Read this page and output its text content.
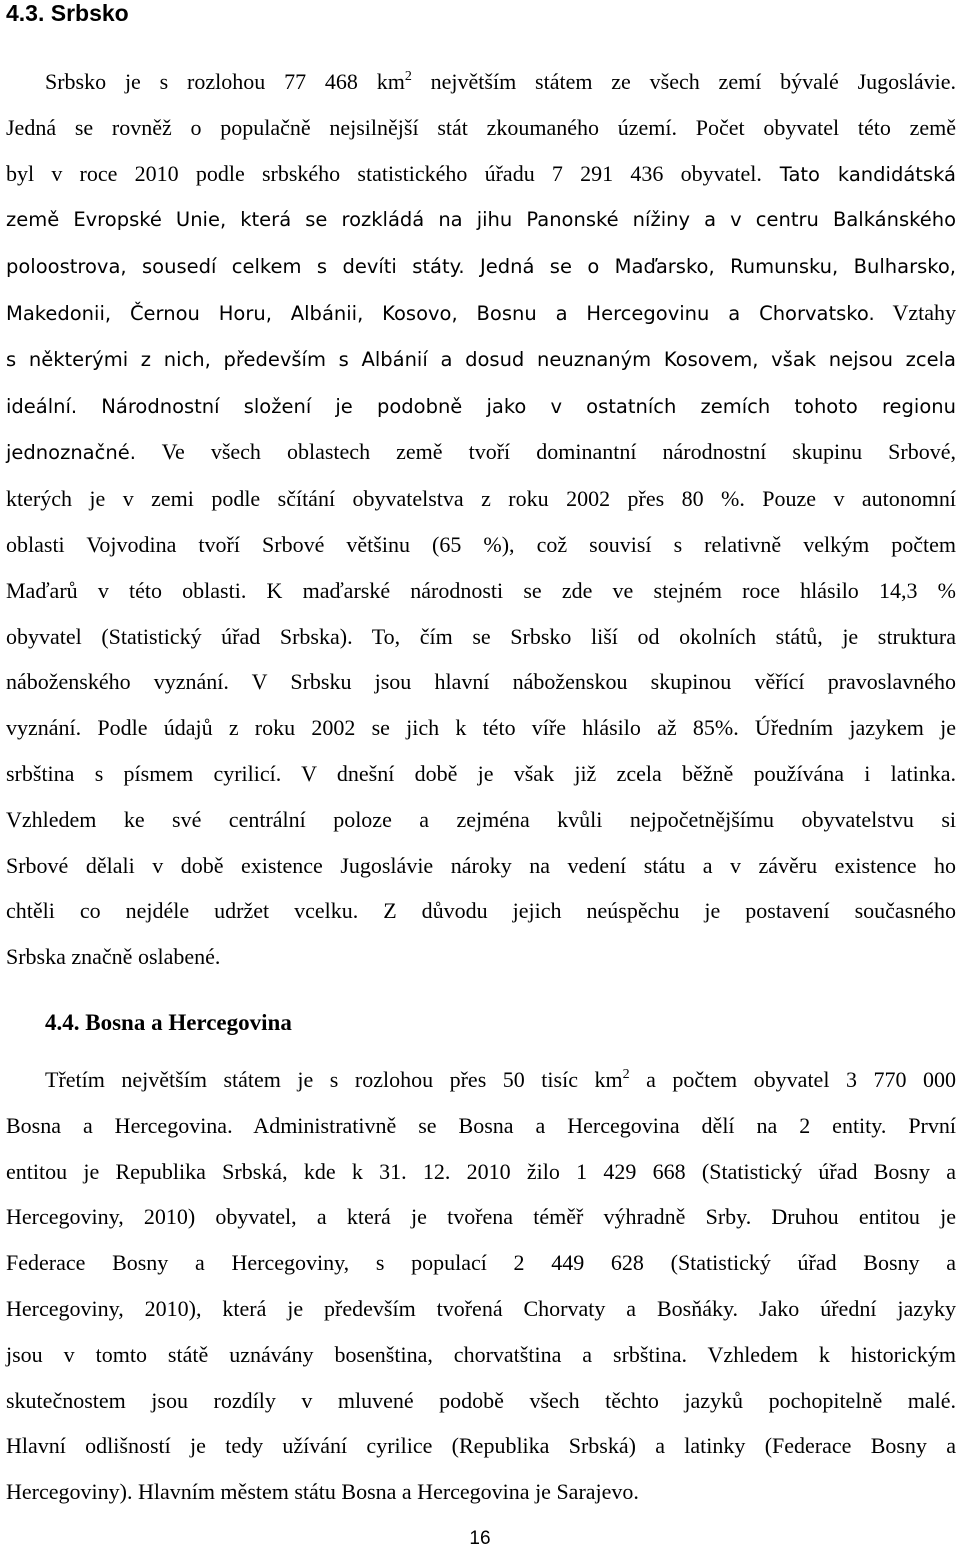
4.3. Srbsko
Srbsko je s rozlohou 77 468 $km^2$ největším státem ze všech zemí bývalé Jugoslávie.
Jedná se rovněž o populačně nejsilnější stát zkoumaného území. Počet obyvatel této země
byl v roce 2010 podle srbského statistického úřadu 7 291 436 obyvatel. Tato kandidátská
země Evropské Unie, která se rozkládá na jihu Panonské nížiny a v centru Balkánského
poloostrova, sousedí celkem s devíti státy. Jedná se o Maďarsko, Rumunsku, Bulharsko,
Makedonii, Černou Horu, Albánii, Kosovo, Bosnu a Hercegovinu a Chorvatsko. Vztahy
s některými z nich, především s Albánií a dosud neuznaným Kosovem, však nejsou zcela
ideální. Národnostní složení je podobně jako v ostatních zemích tohoto regionu
jednoznačné. Ve všech oblastech země tvoří dominantní národnostní skupinu Srbové,
kterých je v zemi podle sčítání obyvatelstva z roku 2002 přes 80 %. Pouze v autonomní
oblasti Vojvodina tvoří Srbové většinu (65 %), což souvisí s relativně velkým počtem
Maďarů v této oblasti. K maďarské národnosti se zde ve stejném roce hlásilo 14,3 %
obyvatel (Statistický úřad Srbska). To, čím se Srbsko liší od okolních států, je struktura
náboženského vyznání. V Srbsku jsou hlavní náboženskou skupinou věřící pravoslavného
vyznání. Podle údajů z roku 2002 se jich k této víře hlásilo až 85%. Úředním jazykem je
srbština s písmem cyrilicí. V dnešní době je však již zcela běžně používána i latinka.
Vzhledem ke své centrální poloze a zejména kvůli nejpočetnějšímu obyvatelstvu si
Srbové dělali v době existence Jugoslávie nároky na vedení státu a v závěru existence ho
chtěli co nejdéle udržet vcelku. Z důvodu jejich neúspěchu je postavení současného
Srbska značně oslabené.
4.4. Bosna a Hercegovina
Třetím největším státem je s rozlohou přes 50 tisíc $km^2$ a počtem obyvatel 3 770 000
Bosna a Hercegovina. Administrativně se Bosna a Hercegovina dělí na 2 entity. První
entitou je Republika Srbská, kde k 31. 12. 2010 žilo 1 429 668 (Statistický úřad Bosny a
Hercegoviny, 2010) obyvatel, a která je tvořena téměř výhradně Srby. Druhou entitou je
Federace Bosny a Hercegoviny, s populací 2 449 628 (Statistický úřad Bosny a
Hercegoviny, 2010), která je především tvořená Chorvaty a Bosňáky. Jako úřední jazyky
jsou v tomto státě uznávány bosenština, chorvatština a srbština. Vzhledem k historickým
skutečnostem jsou rozdíly v mluvené podobě všech těchto jazyků pochopitelně malé.
Hlavní odlišností je tedy užívání cyrilice (Republika Srbská) a latinky (Federace Bosny a
Hercegoviny). Hlavním městem státu Bosna a Hercegovina je Sarajevo.
16
